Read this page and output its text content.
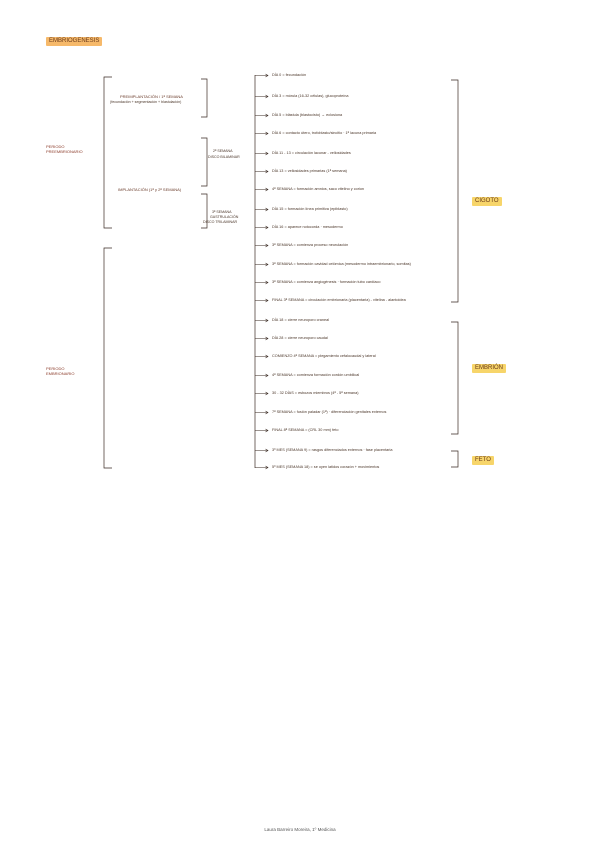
EMBRIOGENESIS
PERIODO PREEMBRIONARIO
PERIODO EMBRIONARIO
PREIMPLANTACIÓN / 1ª SEMANA
(fecundación + segmentación + blastulación)
IMPLANTACIÓN (1ª y 2ª SEMANA)
2ª SEMANA
DISCO BILAMINAR
3ª SEMANA
GASTRULACIÓN
DISCO TRILAMINAR
DÍA 0 = fecundación
DÍA 3 = mórula (16-32 células), glucoproteína
DÍA 5 = blástula (blastocisto) → eclosiona
DÍA 6 = contacto útero, trofoblasto/sincitio · 1ª lacuna primaria
DÍA 11 - 13 = circulación lacunar - vellosidades
DÍA 13 = vellosidades primarias (1ª semana)
4ª SEMANA = formación amnios, saco vitelino y corion
DÍA 15 = formación línea primitiva (epiblasto)
DÍA 16 = aparece notocorda · mesodermo
3ª SEMANA = comienza proceso neurulación
3ª SEMANA = formación cavidad celómica (mesodermo intraembrionario, somitas)
3ª SEMANA = comienza angiogénesis · formación tubo cardíaco
FINAL 3ª SEMANA = circulación embrionaria (placentaria) - vitelina - alantoidea
DÍA 18 = cierre neuroporo craneal
DÍA 28 = cierre neuroporo caudal
COMIENZO 4ª SEMANA = plegamiento cefalocaudal y lateral
4ª SEMANA = comienza formación cordón umbilical
30 - 32 DÍAS = esbozos miembros (4ª - 5ª semana)
7ª SEMANA = fusión paladar (1ª) · diferenciación genitales externos
FINAL 8ª SEMANA = (CRL 30 mm) feto
3º MES (SEMANA 9) = rasgos diferenciados externos · fase placentaria
5º MES (SEMANA 18) = se oyen latidos corazón + movimientos
CIGOTO
EMBRIÓN
FETO
Laura Barreiro Moreira, 1º Medicina
